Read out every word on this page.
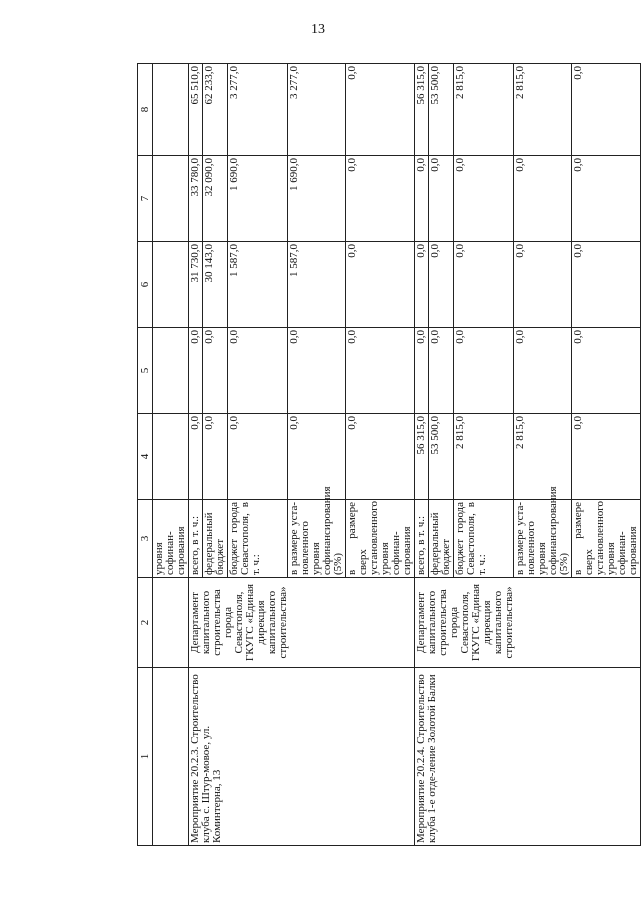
13
1	2	3	4	5	6	7	8
		уровня софинан-сирования					
Мероприятие 20.2.3. Строительство клуба с. Штур-мовое, ул. Коминтерна, 13	Департамент капитального строительства города Севастополя, ГКУГС «Единая дирекция капитального строительства»	всего, в т. ч.:	0,0	0,0	31 730,0	33 780,0	65 510,0
		федеральный бюджет	0,0	0,0	30 143,0	32 090,0	62 233,0
		бюджет города Севастополя, в т. ч.:	0,0	0,0	1 587,0	1 690,0	3 277,0
		в размере уста-новленного уровня софинансирования (5%)	0,0	0,0	1 587,0	1 690,0	3 277,0
		в размере сверх установленного уровня софинан-сирования	0,0	0,0	0,0	0,0	0,0
Мероприятие 20.2.4. Строительство клуба 1-е отде-ление Золотой Балки	Департамент капитального строительства города Севастополя, ГКУГС «Единая дирекция капитального строительства»	всего, в т. ч.:	56 315,0	0,0	0,0	0,0	56 315,0
		федеральный бюджет	53 500,0	0,0	0,0	0,0	53 500,0
		бюджет города Севастополя, в т. ч.:	2 815,0	0,0	0,0	0,0	2 815,0
		в размере уста-новленного уровня софинансирования (5%)	2 815,0	0,0	0,0	0,0	2 815,0
		в размере сверх установленного уровня софинан-сирования	0,0	0,0	0,0	0,0	0,0
